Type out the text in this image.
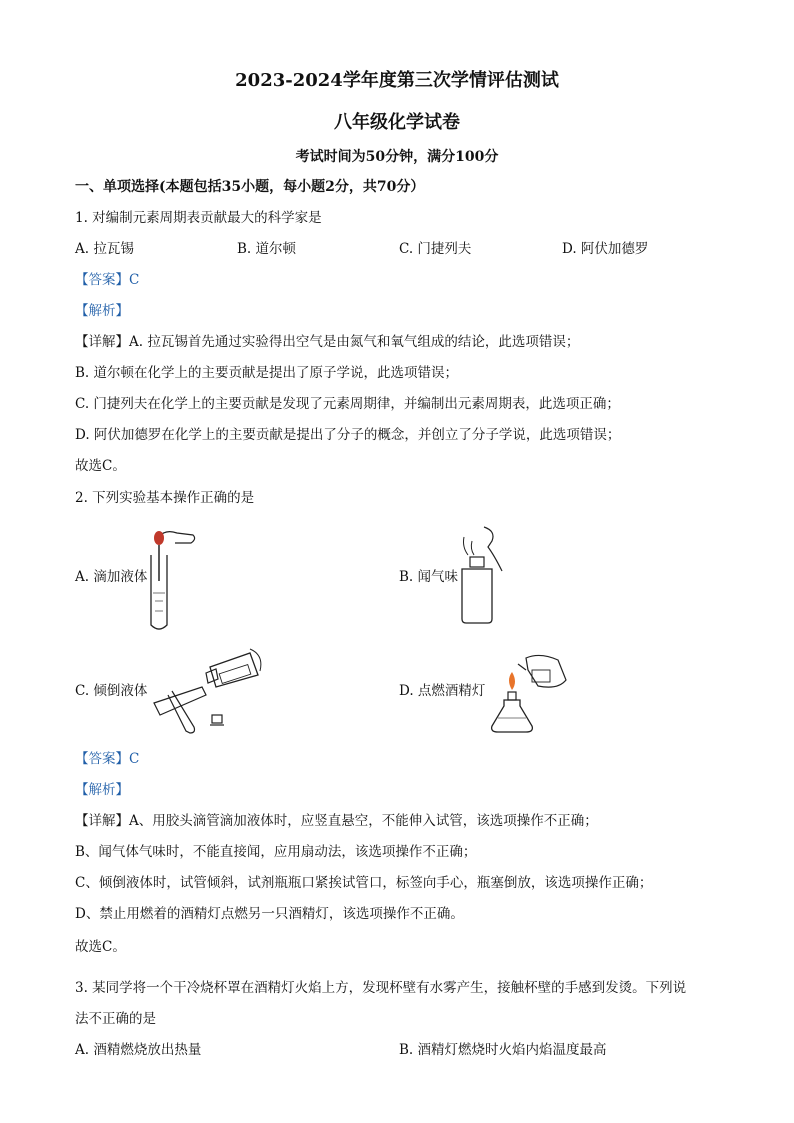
2023-2024学年度第三次学情评估测试
八年级化学试卷
考试时间为50分钟，满分100分
一、单项选择(本题包括35小题，每小题2分，共70分）
1. 对编制元素周期表贡献最大的科学家是
A. 拉瓦锡	B. 道尔顿	C. 门捷列夫	D. 阿伏加德罗
【答案】C
【解析】
【详解】A. 拉瓦锡首先通过实验得出空气是由氮气和氧气组成的结论，此选项错误；
B. 道尔顿在化学上的主要贡献是提出了原子学说，此选项错误；
C. 门捷列夫在化学上的主要贡献是发现了元素周期律，并编制出元素周期表，此选项正确；
D. 阿伏加德罗在化学上的主要贡献是提出了分子的概念，并创立了分子学说，此选项错误；
故选C。
2. 下列实验基本操作正确的是
A. 滴加液体	B. 闻气味
C. 倾倒液体	D. 点燃酒精灯
【答案】C
【解析】
【详解】A、用胶头滴管滴加液体时，应竖直悬空，不能伸入试管，该选项操作不正确；
B、闻气体气味时，不能直接闻，应用扇动法，该选项操作不正确；
C、倾倒液体时，试管倾斜，试剂瓶瓶口紧挨试管口，标签向手心，瓶塞倒放，该选项操作正确；
D、禁止用燃着的酒精灯点燃另一只酒精灯，该选项操作不正确。
故选C。
3. 某同学将一个干冷烧杯罩在酒精灯火焰上方，发现杯壁有水雾产生，接触杯壁的手感到发烫。下列说
法不正确的是
A. 酒精燃烧放出热量	B. 酒精灯燃烧时火焰内焰温度最高
